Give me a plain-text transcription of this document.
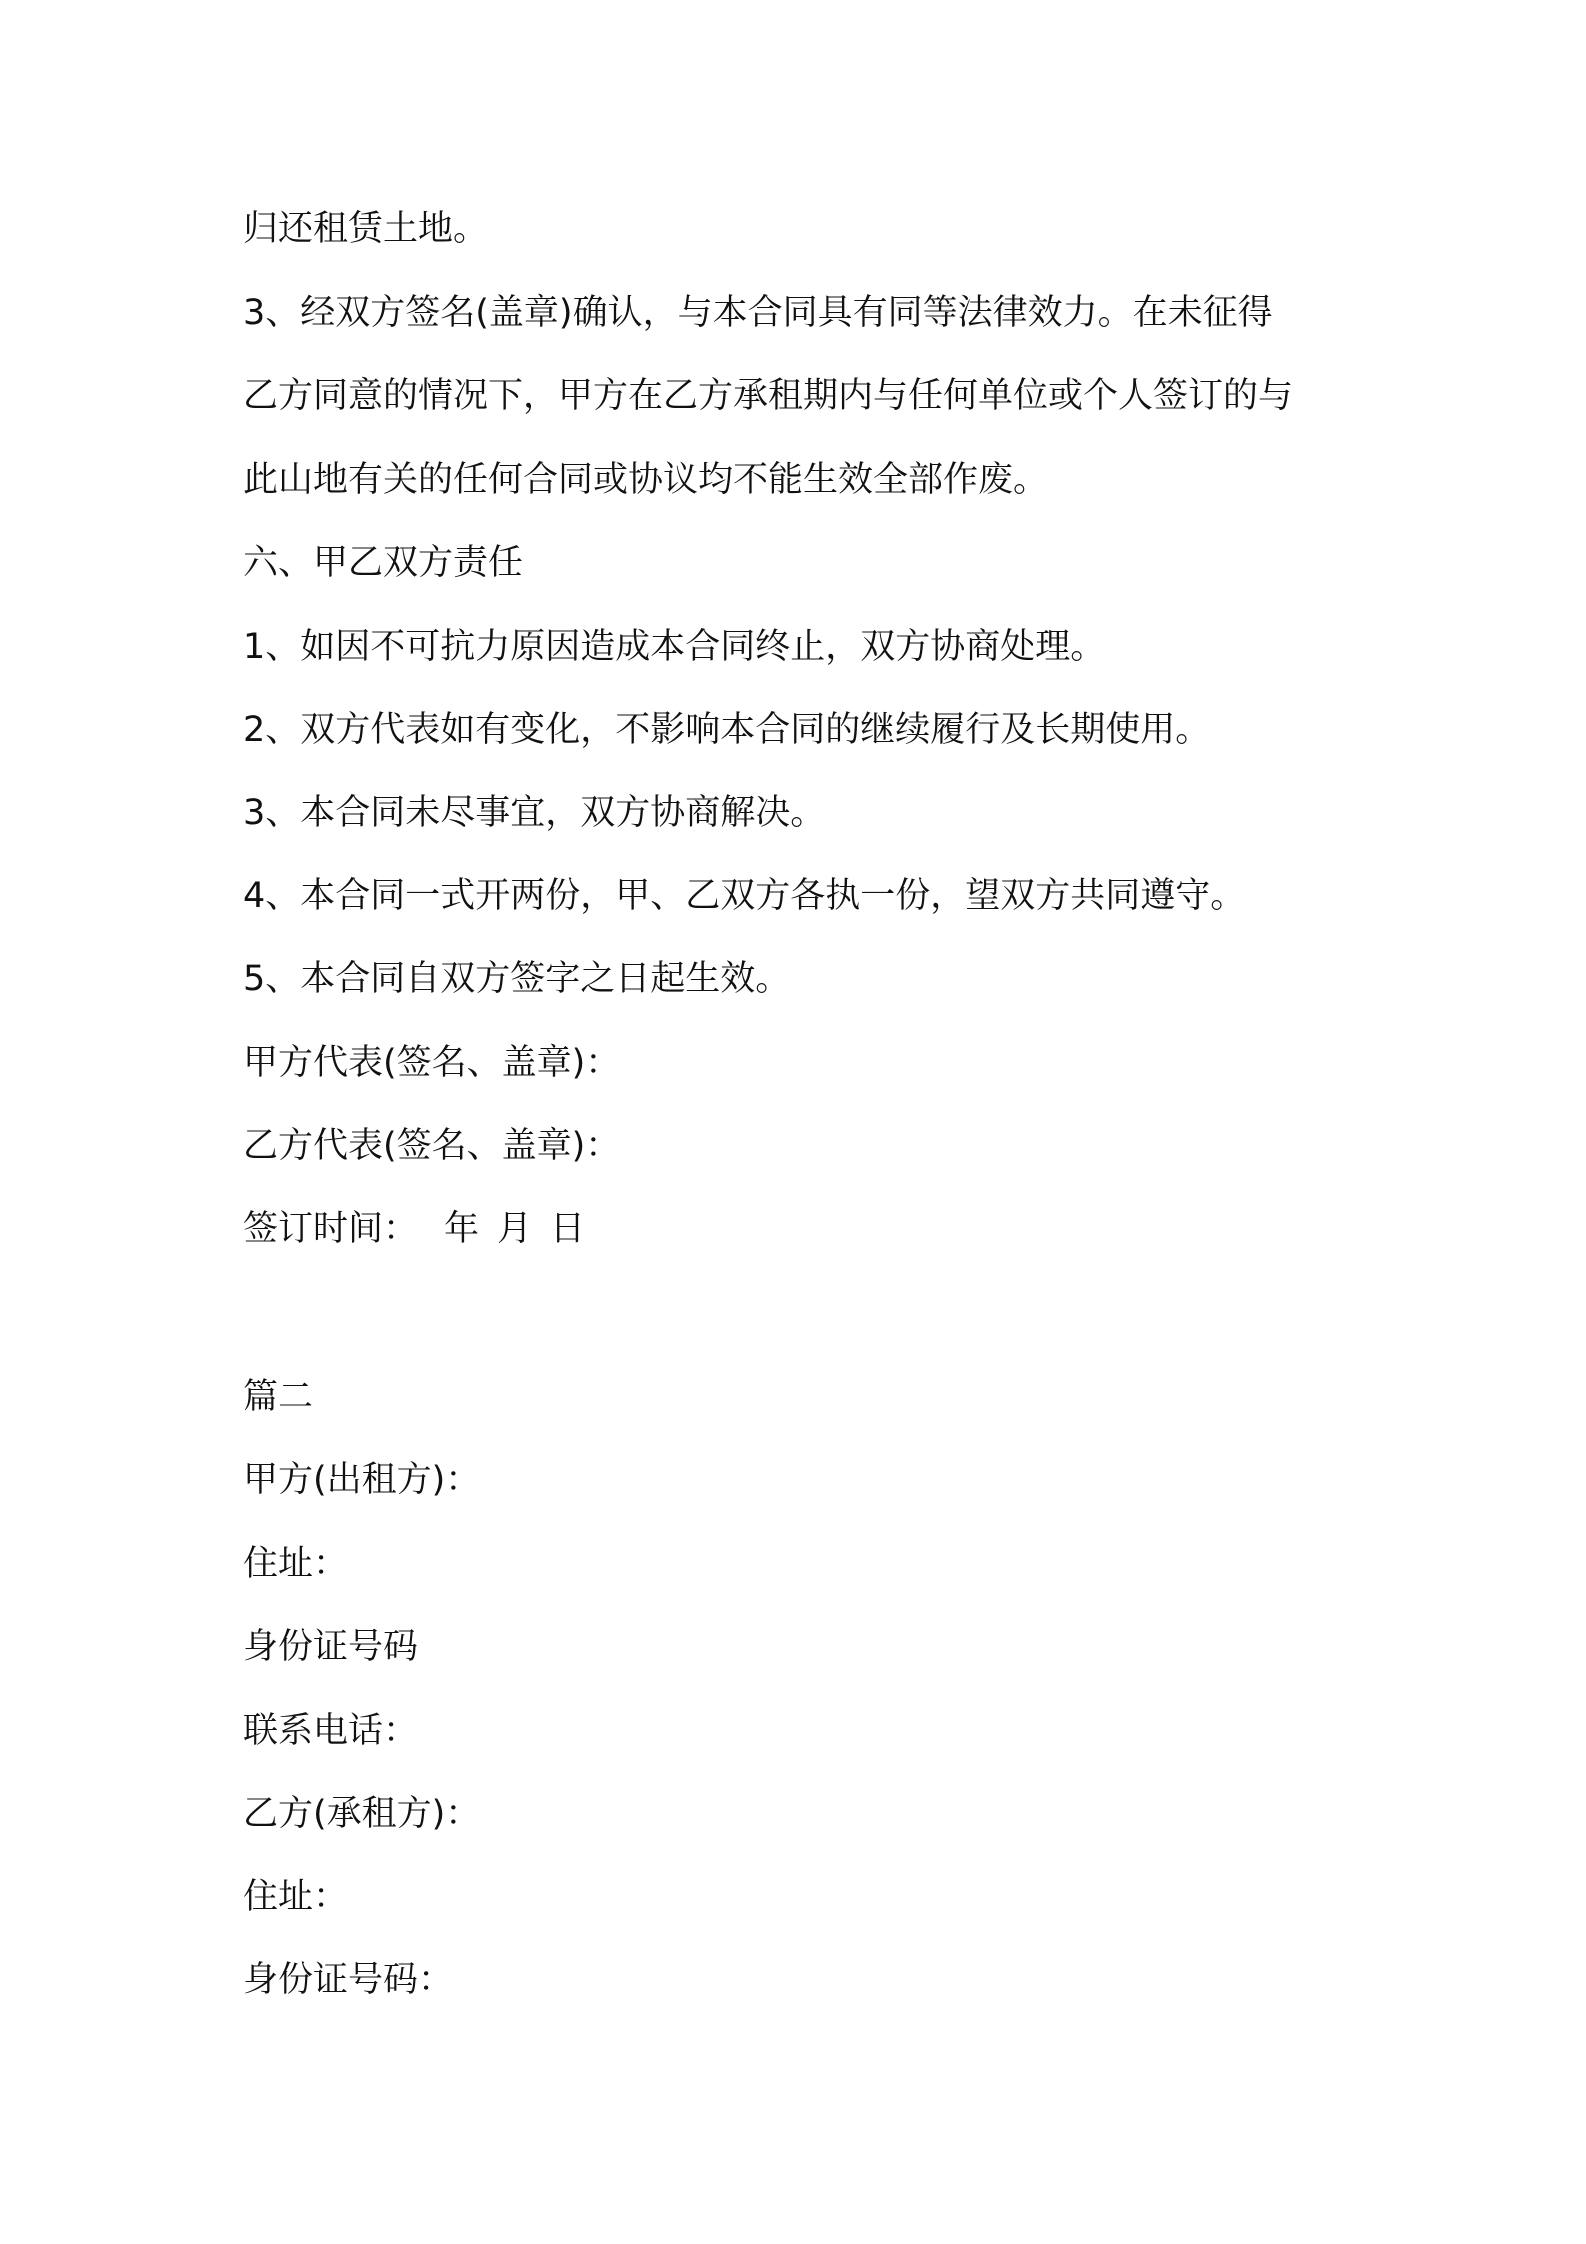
归还租赁土地。
3、经双方签名(盖章)确认，与本合同具有同等法律效力。在未征得
乙方同意的情况下，甲方在乙方承租期内与任何单位或个人签订的与
此山地有关的任何合同或协议均不能生效全部作废。
六、甲乙双方责任
1、如因不可抗力原因造成本合同终止，双方协商处理。
2、双方代表如有变化，不影响本合同的继续履行及长期使用。
3、本合同未尽事宜，双方协商解决。
4、本合同一式开两份，甲、乙双方各执一份，望双方共同遵守。
5、本合同自双方签字之日起生效。
甲方代表(签名、盖章)：
乙方代表(签名、盖章)：
签订时间： 年 月 日
篇二
甲方(出租方)：
住址：
身份证号码
联系电话：
乙方(承租方)：
住址：
身份证号码：
